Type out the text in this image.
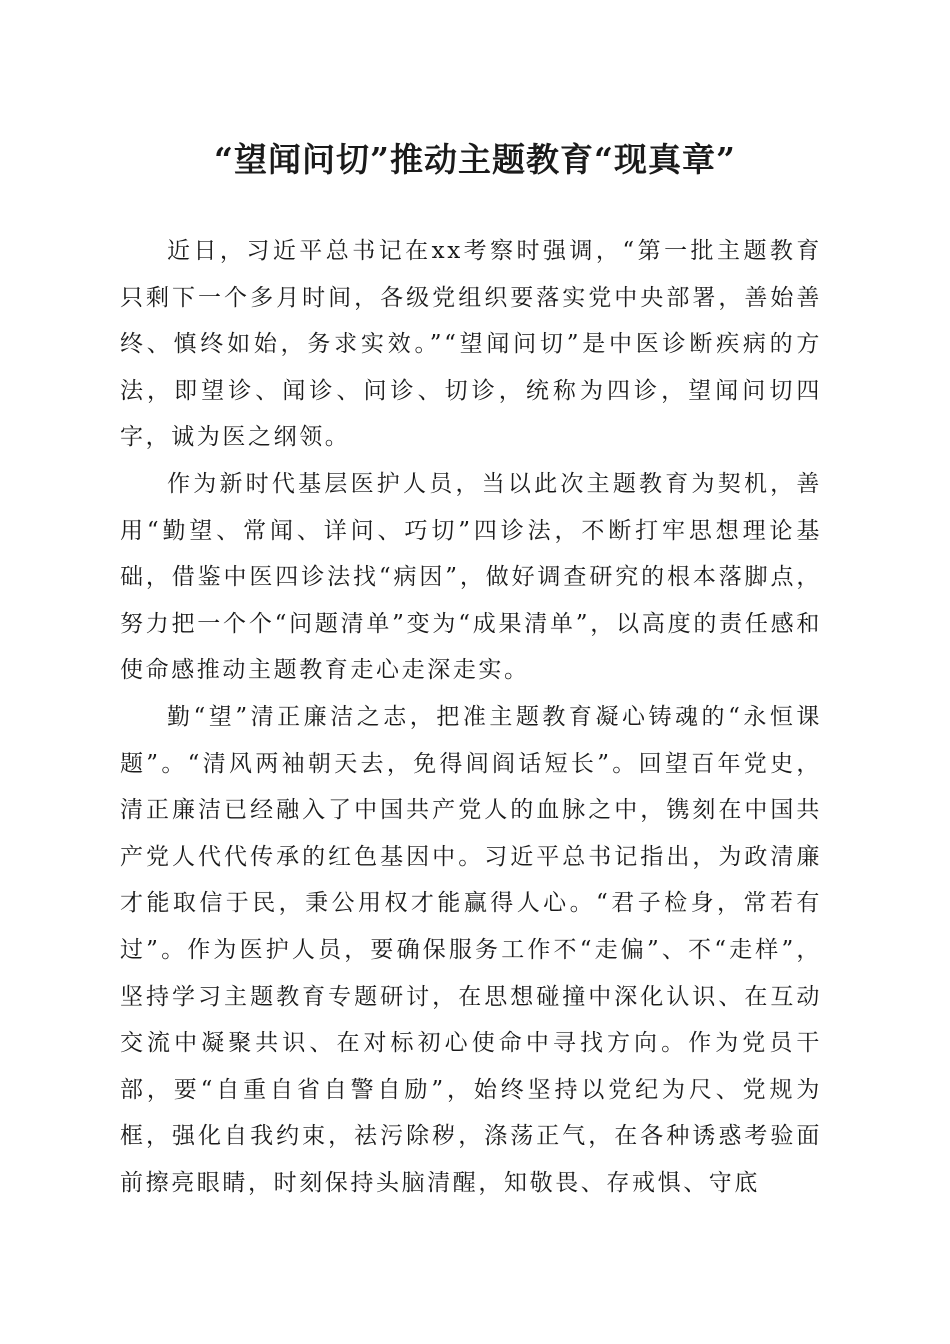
“望闻问切”推动主题教育“现真章”

近日，习近平总书记在xx考察时强调，“第一批主题教育只剩下一个多月时间，各级党组织要落实党中央部署，善始善终、慎终如始，务求实效。”“望闻问切”是中医诊断疾病的方法，即望诊、闻诊、问诊、切诊，统称为四诊，望闻问切四字，诚为医之纲领。

作为新时代基层医护人员，当以此次主题教育为契机，善用“勤望、常闻、详问、巧切”四诊法，不断打牢思想理论基础，借鉴中医四诊法找“病因”，做好调查研究的根本落脚点，努力把一个个“问题清单”变为“成果清单”，以高度的责任感和使命感推动主题教育走心走深走实。

勤“望”清正廉洁之志，把准主题教育凝心铸魂的“永恒课题”。“清风两袖朝天去，免得闾阎话短长”。回望百年党史，清正廉洁已经融入了中国共产党人的血脉之中，镌刻在中国共产党人代代传承的红色基因中。习近平总书记指出，为政清廉才能取信于民，秉公用权才能赢得人心。“君子检身，常若有过”。作为医护人员，要确保服务工作不“走偏”、不“走样”，坚持学习主题教育专题研讨，在思想碰撞中深化认识、在互动交流中凝聚共识、在对标初心使命中寻找方向。作为党员干部，要“自重自省自警自励”，始终坚持以党纪为尺、党规为框，强化自我约束，祛污除秽，涤荡正气，在各种诱惑考验面前擦亮眼睛，时刻保持头脑清醒，知敬畏、存戒惧、守底
